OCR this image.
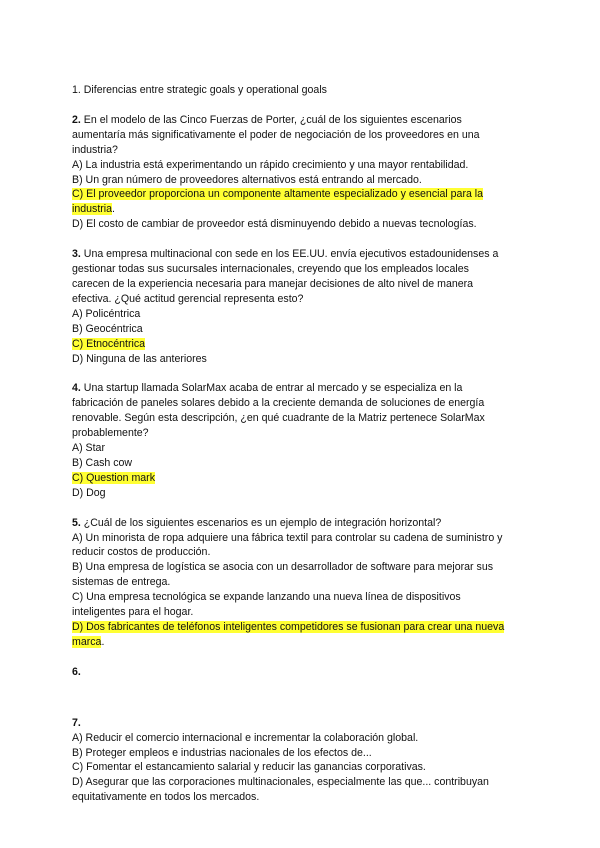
1. Diferencias entre strategic goals y operational goals
2. En el modelo de las Cinco Fuerzas de Porter, ¿cuál de los siguientes escenarios
aumentaría más significativamente el poder de negociación de los proveedores en una
industria?
A) La industria está experimentando un rápido crecimiento y una mayor rentabilidad.
B) Un gran número de proveedores alternativos está entrando al mercado.
C) El proveedor proporciona un componente altamente especializado y esencial para la
industria.
D) El costo de cambiar de proveedor está disminuyendo debido a nuevas tecnologías.
3. Una empresa multinacional con sede en los EE.UU. envía ejecutivos estadounidenses a
gestionar todas sus sucursales internacionales, creyendo que los empleados locales
carecen de la experiencia necesaria para manejar decisiones de alto nivel de manera
efectiva. ¿Qué actitud gerencial representa esto?
A) Policéntrica
B) Geocéntrica
C) Etnocéntrica
D) Ninguna de las anteriores
4. Una startup llamada SolarMax acaba de entrar al mercado y se especializa en la
fabricación de paneles solares debido a la creciente demanda de soluciones de energía
renovable. Según esta descripción, ¿en qué cuadrante de la Matriz pertenece SolarMax
probablemente?
A) Star
B) Cash cow
C) Question mark
D) Dog
5. ¿Cuál de los siguientes escenarios es un ejemplo de integración horizontal?
A) Un minorista de ropa adquiere una fábrica textil para controlar su cadena de suministro y
reducir costos de producción.
B) Una empresa de logística se asocia con un desarrollador de software para mejorar sus
sistemas de entrega.
C) Una empresa tecnológica se expande lanzando una nueva línea de dispositivos
inteligentes para el hogar.
D) Dos fabricantes de teléfonos inteligentes competidores se fusionan para crear una nueva
marca.
6.
7.
A) Reducir el comercio internacional e incrementar la colaboración global.
B) Proteger empleos e industrias nacionales de los efectos de...
C) Fomentar el estancamiento salarial y reducir las ganancias corporativas.
D) Asegurar que las corporaciones multinacionales, especialmente las que... contribuyan
equitativamente en todos los mercados.
